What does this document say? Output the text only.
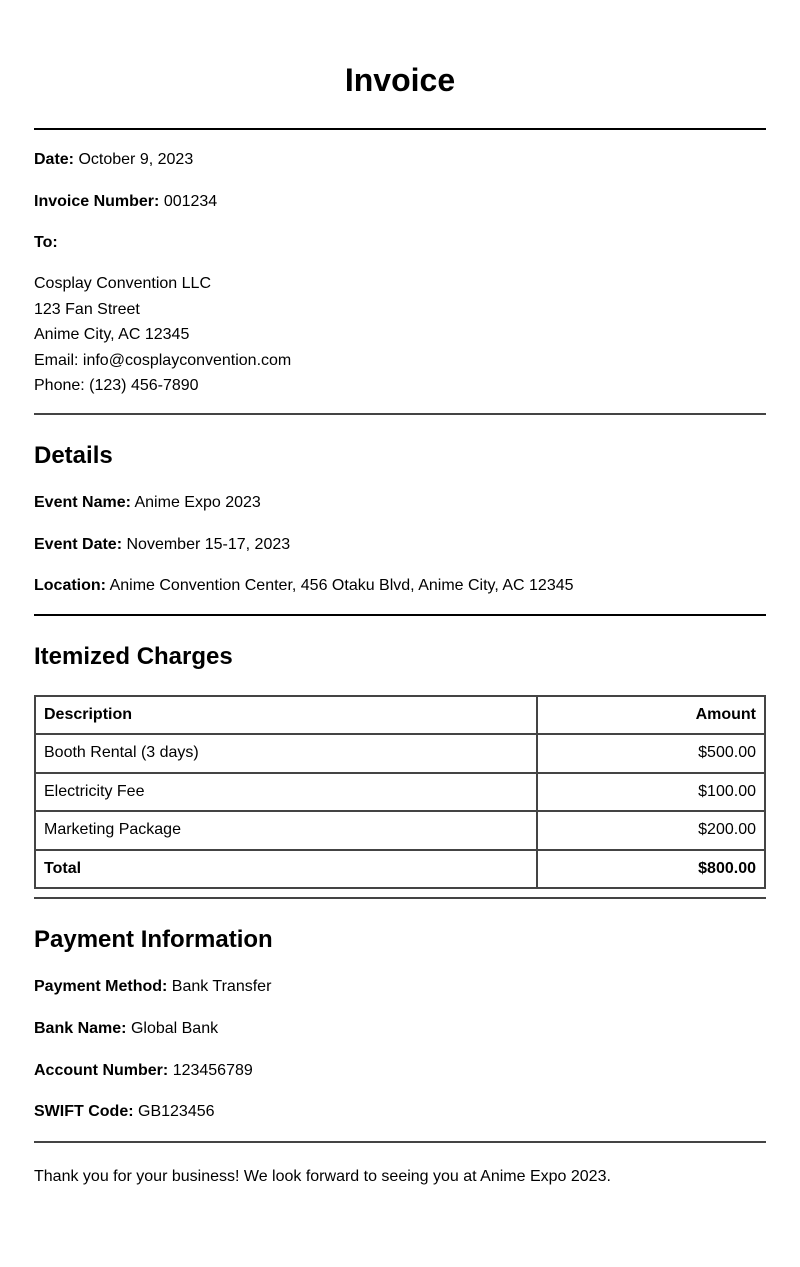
Invoice

Date: October 9, 2023

Invoice Number: 001234

To:

Cosplay Convention LLC
123 Fan Street
Anime City, AC 12345
Email: info@cosplayconvention.com
Phone: (123) 456-7890
Details

Event Name: Anime Expo 2023

Event Date: November 15-17, 2023

Location: Anime Convention Center, 456 Otaku Blvd, Anime City, AC 12345

Itemized Charges
Description	Amount
Booth Rental (3 days)	$500.00
Electricity Fee	$100.00
Marketing Package	$200.00
Total	$800.00
Payment Information

Payment Method: Bank Transfer

Bank Name: Global Bank

Account Number: 123456789

SWIFT Code: GB123456

Thank you for your business! We look forward to seeing you at Anime Expo 2023.
